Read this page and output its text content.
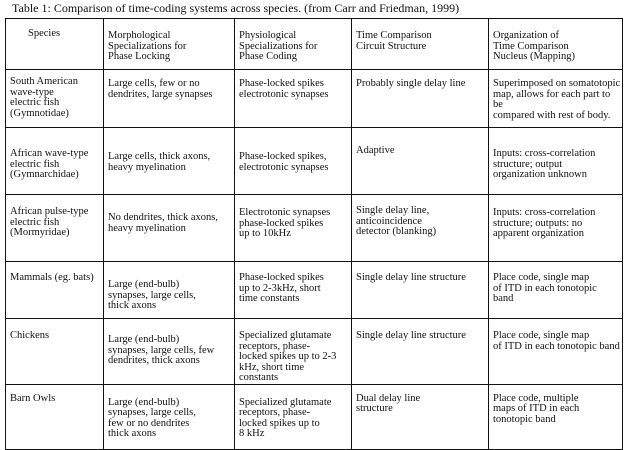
Table 1: Comparison of time-coding systems across species. (from Carr and Friedman, 1999)
Species	Morphological
Specializations for
Phase Locking	Physiological
Specializations for
Phase Coding	Time Comparison
Circuit Structure	Organization of
Time Comparison
Nucleus (Mapping)

South American
wave-type
electric fish
(Gymnotidae)	Large cells, few or no
dendrites, large synapses	Phase-locked spikes
electrotonic synapses	Probably single delay line	Superimposed on somatotopic
map, allows for each part to be
compared with rest of body.

African wave-type
electric fish
(Gymnarchidae)	Large cells, thick axons,
heavy myelination	Phase-locked spikes,
electrotonic synapses	Adaptive	Inputs: cross-correlation
structure; output
organization unknown

African pulse-type
electric fish
(Mormyridae)	No dendrites, thick axons,
heavy myelination	Electrotonic synapses
phase-locked spikes
up to 10kHz	Single delay line,
anticoincidence
detector (blanking)	Inputs: cross-correlation
structure; outputs: no
apparent organization

Mammals (eg. bats)	Large (end-bulb)
synapses, large cells,
thick axons	Phase-locked spikes
up to 2-3kHz, short
time constants	Single delay line structure	Place code, single map
of ITD in each tonotopic
band

Chickens	Large (end-bulb)
synapses, large cells, few
dendrites, thick axons	Specialized glutamate
receptors, phase-
locked spikes up to 2-3
kHz, short time
constants	Single delay line structure	Place code, single map
of ITD in each tonotopic band

Barn Owls	Large (end-bulb)
synapses, large cells,
few or no dendrites
thick axons	Specialized glutamate
receptors, phase-
locked spikes up to
8 kHz	Dual delay line
structure	Place code, multiple
maps of ITD in each
tonotopic band
